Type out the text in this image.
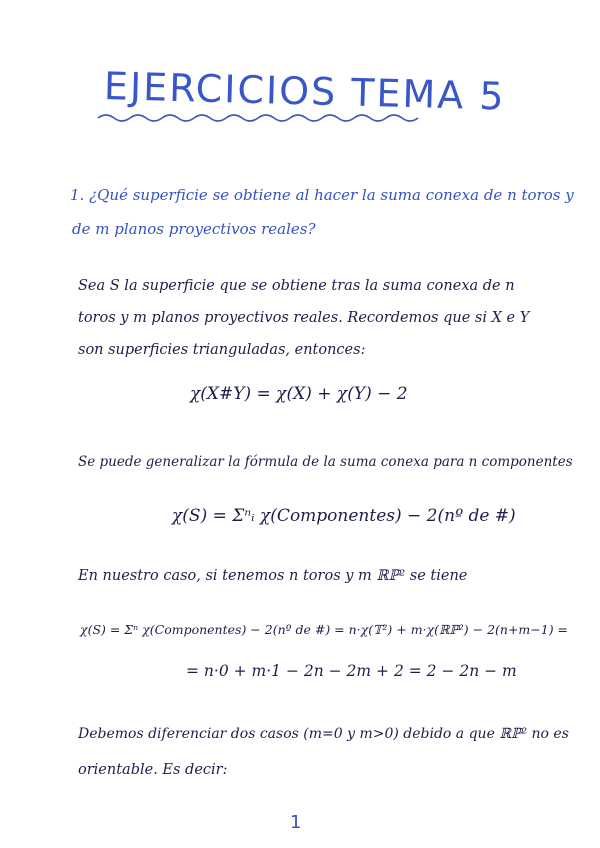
EJERCICIOS TEMA 5
1. ¿Qué superficie se obtiene al hacer la suma conexa de n toros y
de m planos proyectivos reales?
Sea S la superficie que se obtiene tras la suma conexa de n
toros y m planos proyectivos reales. Recordemos que si X e Y
son superficies trianguladas, entonces:
χ(X#Y) = χ(X) + χ(Y) − 2
Se puede generalizar la fórmula de la suma conexa para n componentes
χ(S) = Σⁿᵢ χ(Componentes) − 2(nº de #)
En nuestro caso, si tenemos n toros y m ℝℙ² se tiene
χ(S) = Σⁿ χ(Componentes) − 2(nº de #) = n·χ(𝕋²) + m·χ(ℝℙ²) − 2(n+m−1) =
= n·0 + m·1 − 2n − 2m + 2 = 2 − 2n − m
Debemos diferenciar dos casos (m=0 y m>0) debido a que ℝℙ² no es
orientable. Es decir:
1
